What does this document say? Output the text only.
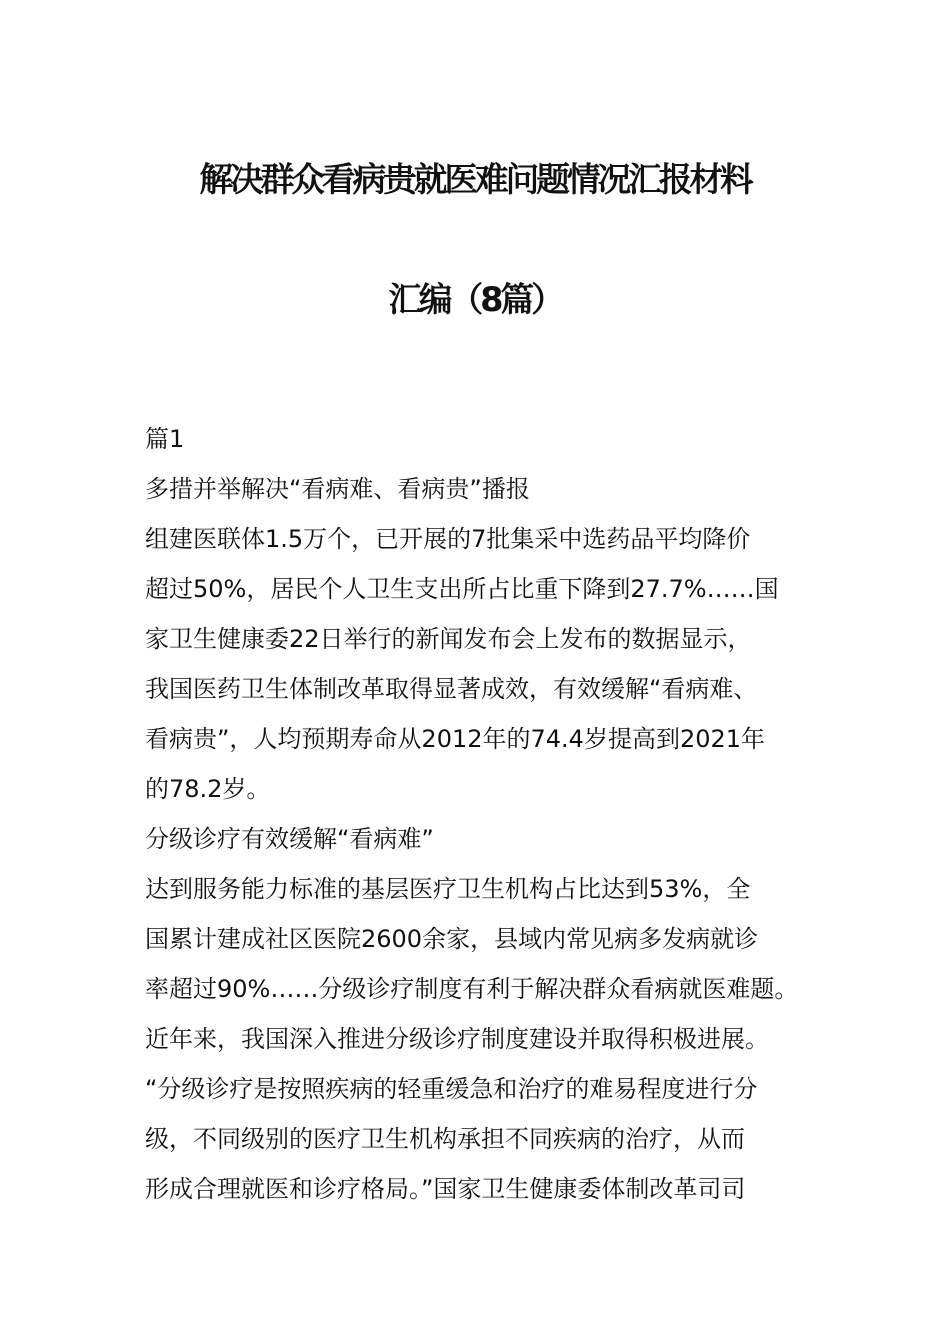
解决群众看病贵就医难问题情况汇报材料
汇编（8篇）
篇1
多措并举解决“看病难、看病贵”播报
组建医联体1.5万个，已开展的7批集采中选药品平均降价
超过50%，居民个人卫生支出所占比重下降到27.7%……国
家卫生健康委22日举行的新闻发布会上发布的数据显示，
我国医药卫生体制改革取得显著成效，有效缓解“看病难、
看病贵”，人均预期寿命从2012年的74.4岁提高到2021年
的78.2岁。
分级诊疗有效缓解“看病难”
达到服务能力标准的基层医疗卫生机构占比达到53%，全
国累计建成社区医院2600余家，县域内常见病多发病就诊
率超过90%……分级诊疗制度有利于解决群众看病就医难题。
近年来，我国深入推进分级诊疗制度建设并取得积极进展。
“分级诊疗是按照疾病的轻重缓急和治疗的难易程度进行分
级，不同级别的医疗卫生机构承担不同疾病的治疗，从而
形成合理就医和诊疗格局。”国家卫生健康委体制改革司司
